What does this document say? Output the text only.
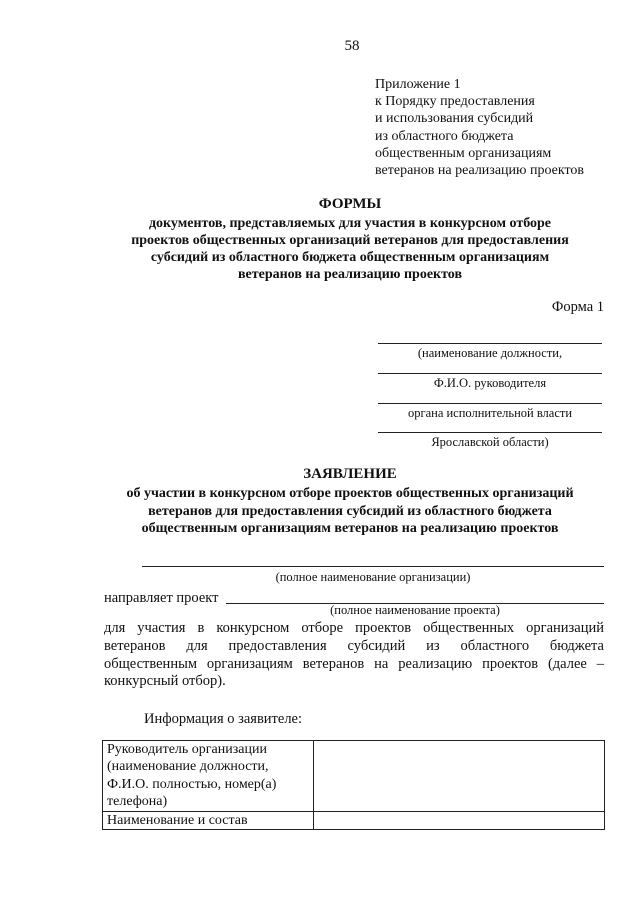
58
Приложение 1
к Порядку предоставления
и использования субсидий
из областного бюджета
общественным организациям
ветеранов на реализацию проектов
ФОРМЫ
документов, представляемых для участия в конкурсном отборе
проектов общественных организаций ветеранов для предоставления
субсидий из областного бюджета общественным организациям
ветеранов на реализацию проектов
Форма 1
(наименование должности,
Ф.И.О. руководителя
органа исполнительной власти
Ярославской области)
ЗАЯВЛЕНИЕ
об участии в конкурсном отборе проектов общественных организаций
ветеранов для предоставления субсидий из областного бюджета
общественным организациям ветеранов на реализацию проектов
(полное наименование организации)
направляет проект
(полное наименование проекта)
для участия в конкурсном отборе проектов общественных организаций
ветеранов для предоставления субсидий из областного бюджета
общественным организациям ветеранов на реализацию проектов (далее –
конкурсный отбор).
Информация о заявителе:
Руководитель организации
(наименование должности,
Ф.И.О. полностью, номер(а)
телефона)	

Наименование и состав	
